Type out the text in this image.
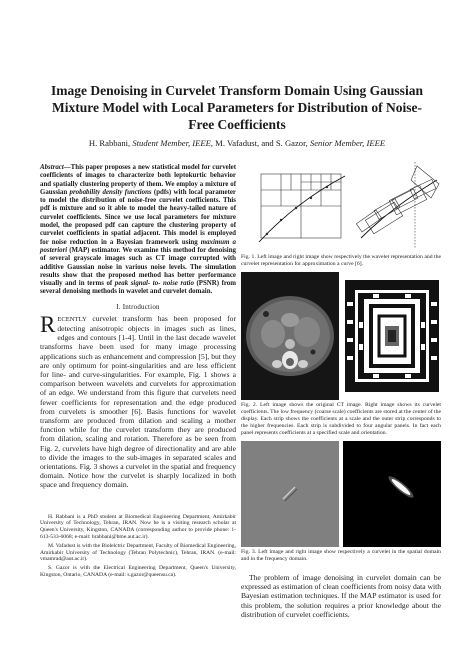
Image Denoising in Curvelet Transform Domain Using Gaussian
Mixture Model with Local Parameters for Distribution of Noise-
Free Coefficients
H. Rabbani, Student Member, IEEE, M. Vafadust, and S. Gazor, Senior Member, IEEE

Abstract—This paper proposes a new statistical model for curvelet coefficients of images to characterize both leptokurtic behavior and spatially clustering property of them. We employ a mixture of Gaussian probability density functions (pdfs) with local parameter to model the distribution of noise-free curvelet coefficients. This pdf is mixture and so it able to model the heavy-tailed nature of curvelet coefficients. Since we use local parameters for mixture model, the proposed pdf can capture the clustering property of curvelet coefficients in spatial adjacent. This model is employed for noise reduction in a Bayesian framework using maximum a posteriori (MAP) estimator. We examine this method for denoising of several grayscale images such as CT image corrupted with additive Gaussian noise in various noise levels. The simulation results show that the proposed method has better performance visually and in terms of peak signal- to- noise ratio (PSNR) from several denoising methods in wavelet and curvelet domain.

I. Introduction

RECENTLY curvelet transform has been proposed for detecting anisotropic objects in images such as lines, edges and contours [1-4]. Until in the last decade wavelet transforms have been used for many image processing applications such as enhancement and compression [5], but they are only optimum for point-singularities and are less efficient for line- and curve-singularities. For example, Fig. 1 shows a comparison between wavelets and curvelets for approximation of an edge. We understand from this figure that curvelets need fewer coefficients for representation and the edge produced from curvelets is smoother [6]. Basis functions for wavelet transform are produced from dilation and scaling a mother function while for the curvelet transform they are produced from dilation, scaling and rotation. Therefore as be seen from Fig. 2, curvelets have high degree of directionality and are able to divide the images to the sub-images in separated scales and orientations. Fig. 3 shows a curvelet in the spatial and frequency domain. Notice how the curvelet is sharply localized in both space and frequency domain.

H. Rabbani is a PhD student at Biomedical Engineering Department, Amirkabir University of Technology, Tehran, IRAN. Now he is a visiting research scholar at Queen's University, Kingston, CANADA (corresponding author to provide phone: 1-613-533-6068; e-mail: hrabbani@bme.aut.ac.ir).

M. Vafadust is with the Biolelctric Department, Faculty of Biomedical Engineering, Amirkabir University of Technology (Tehran Polytechnic), Tehran, IRAN. (e-mail: vmamrad@aut.ac.ir).

S. Gazor is with the Electrical Engineering Department, Queen's University, Kingston, Ontario, CANADA (e-mail: s.gazor@queensu.ca).

Fig. 1. Left image and right image show respectively the wavelet representation and the curvelet representation for approximation a curve [6].

Fig. 2. Left image shows the original CT image. Right image shows its curvelet coefficients. The low frequency (coarse scale) coefficients are stored at the center of the display. Each strip shows the coefficients at a scale and the outer strip corresponds to the higher frequencies. Each strip is subdivided to four angular panels. In fact each panel represents coefficients at a specified scale and orientation.

Fig. 3. Left image and right image show respectively a curvelet in the spatial domain and in the frequency domain.

The problem of image denoising in curvelet domain can be expressed as estimation of clean coefficients from noisy data with Bayesian estimation techniques. If the MAP estimator is used for this problem, the solution requires a prior knowledge about the distribution of curvelet coefficients.
